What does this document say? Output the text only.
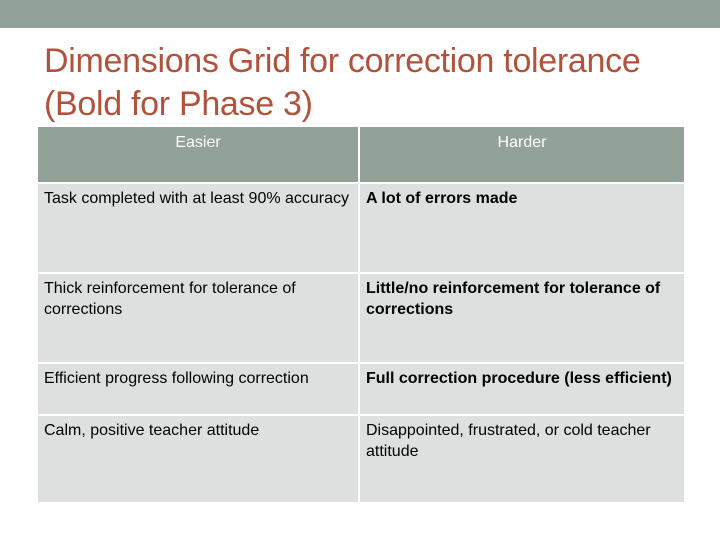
Dimensions Grid for correction tolerance
(Bold for Phase 3)
Easier	Harder
Task completed with at least 90% accuracy	A lot of errors made
Thick reinforcement for tolerance of corrections	Little/no reinforcement for tolerance of corrections
Efficient progress following correction	Full correction procedure (less efficient)
Calm, positive teacher attitude	Disappointed, frustrated, or cold teacher attitude
